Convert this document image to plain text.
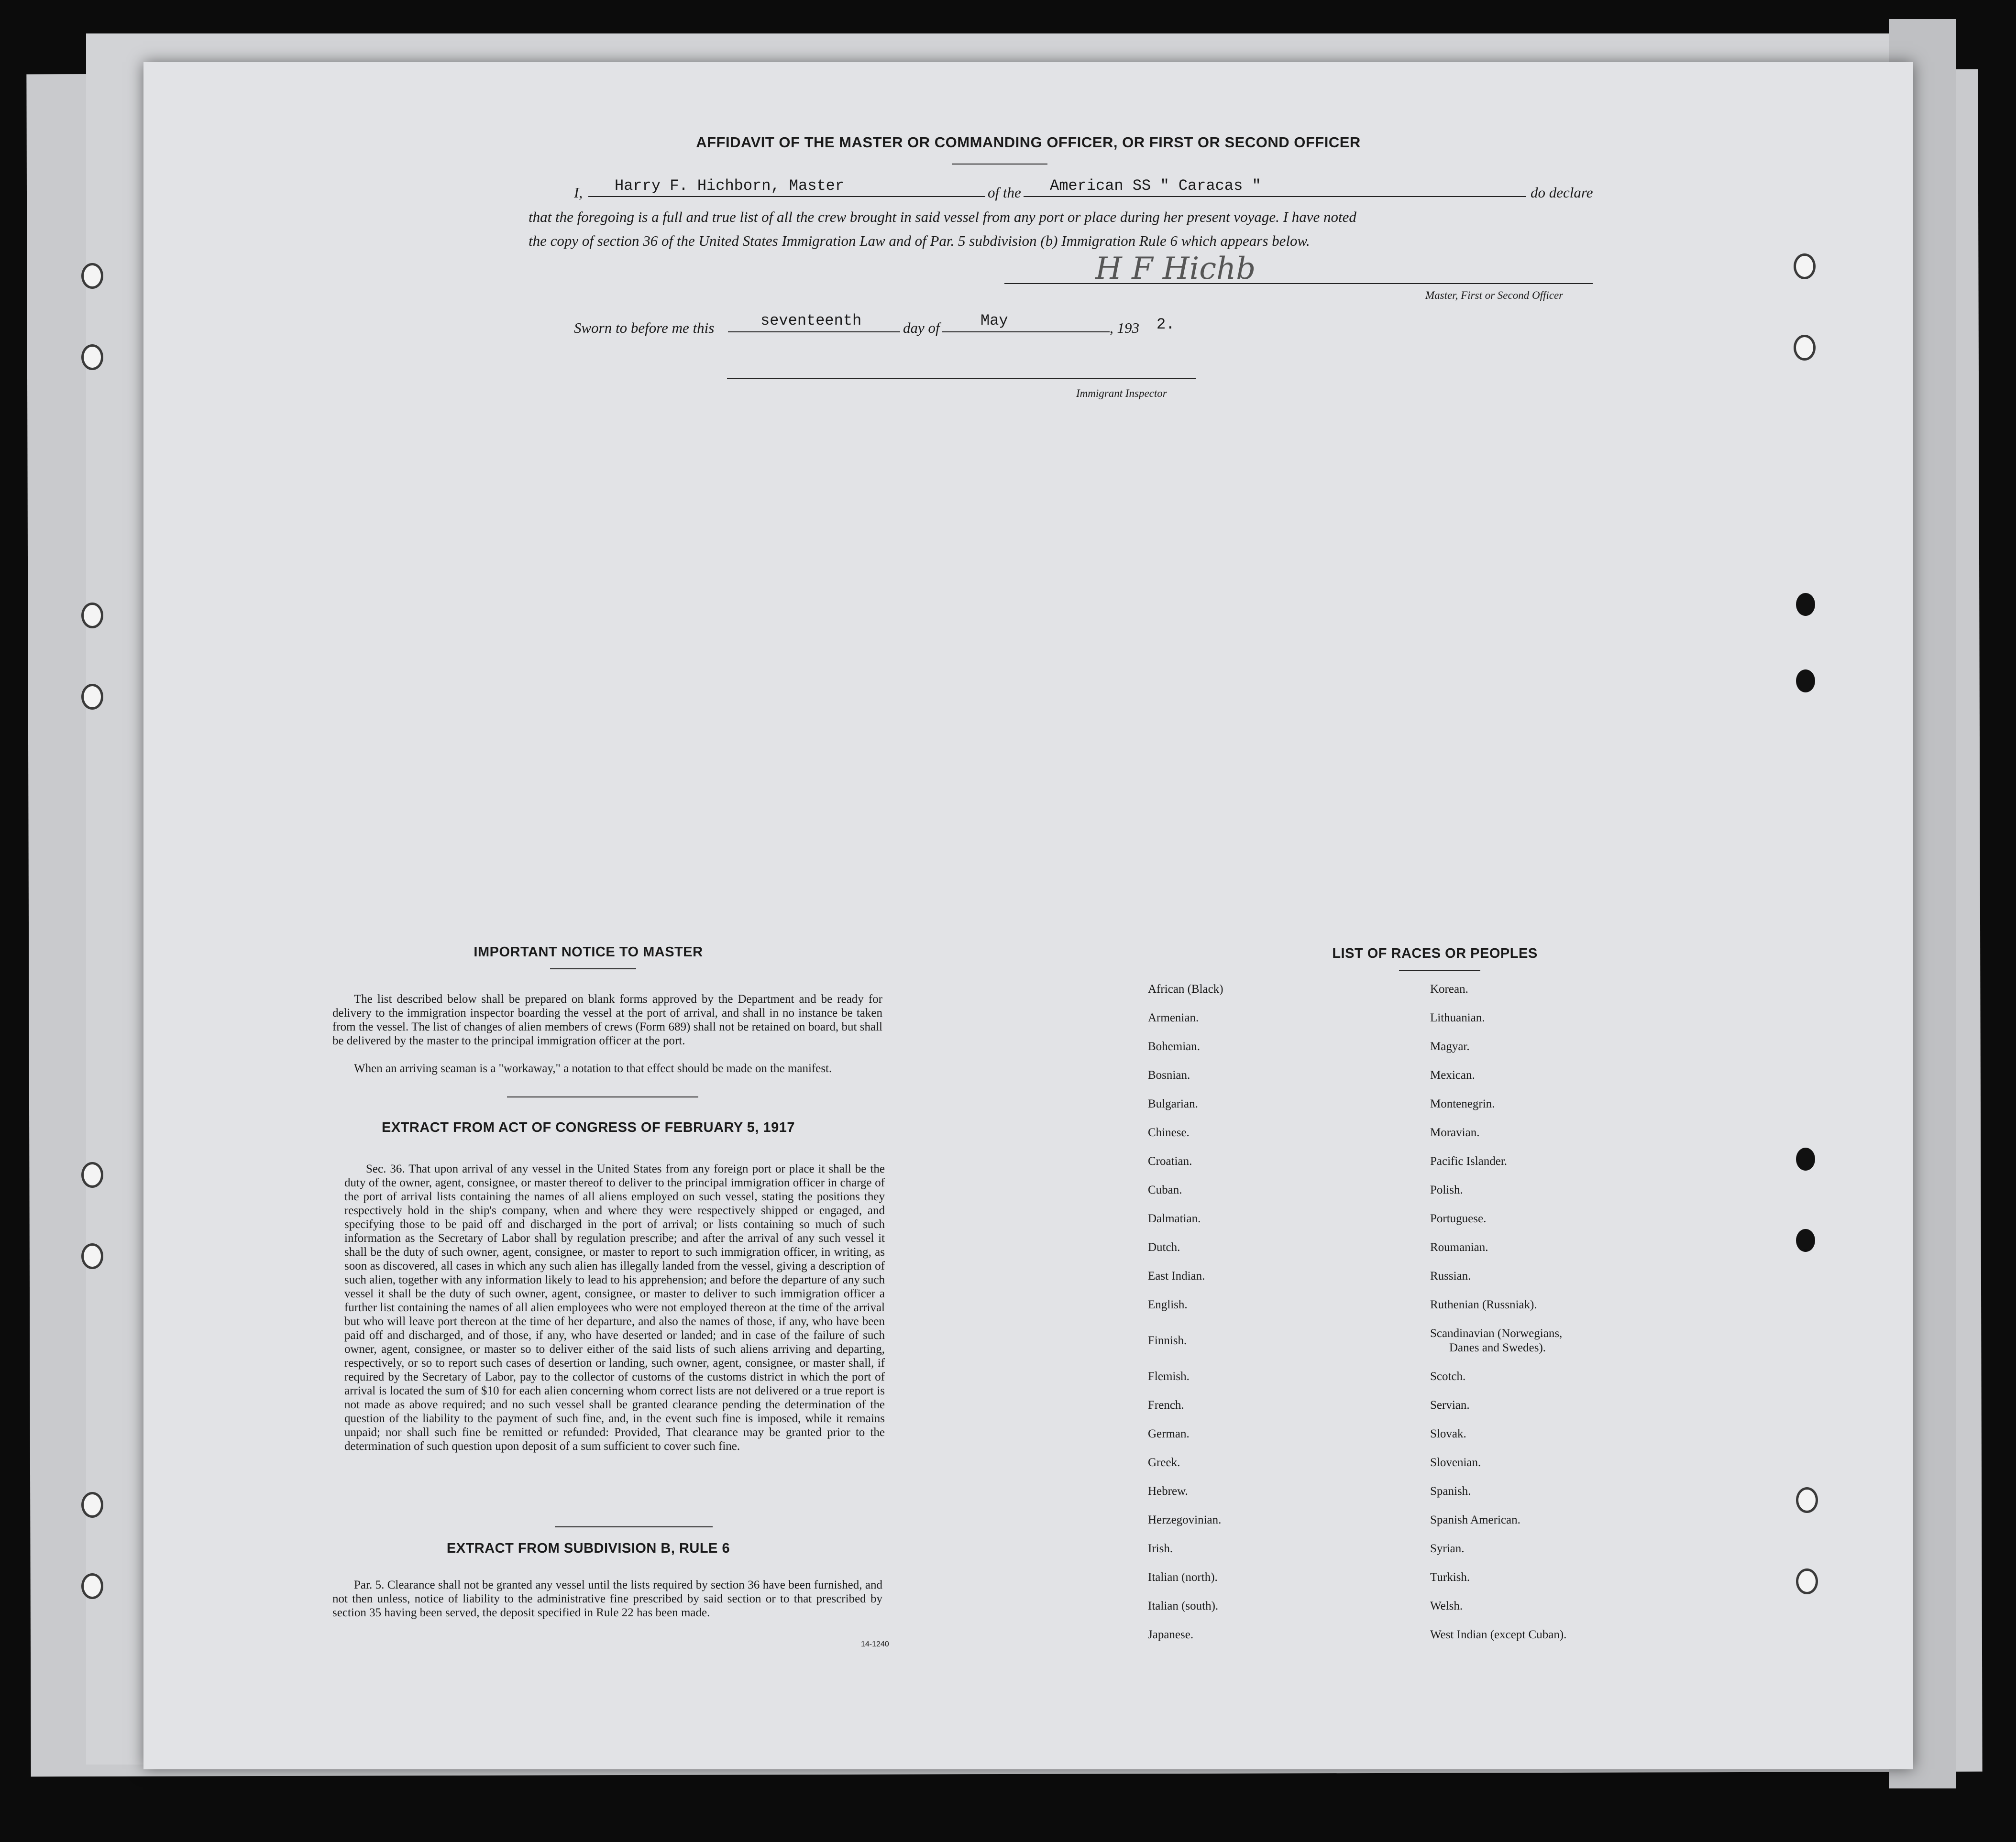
AFFIDAVIT OF THE MASTER OR COMMANDING OFFICER, OR FIRST OR SECOND OFFICER
I, Harry F. Hichborn, Master	of the American SS " Caracas "	do declare
that the foregoing is a full and true list of all the crew brought in said vessel from any port or place during her present voyage. I have noted
the copy of section 36 of the United States Immigration Law and of Par. 5 subdivision (b) Immigration Rule 6 which appears below.
H F Hichb
Master, First or Second Officer
Sworn to before me this	seventeenth	day of	May	, 193 2.
Immigrant Inspector
IMPORTANT NOTICE TO MASTER
The list described below shall be prepared on blank forms approved by the Department and be ready for delivery to the immigration inspector boarding the vessel at the port of arrival, and shall in no instance be taken from the vessel. The list of changes of alien members of crews (Form 689) shall not be retained on board, but shall be delivered by the master to the principal immigration officer at the port.
When an arriving seaman is a "workaway," a notation to that effect should be made on the manifest.
EXTRACT FROM ACT OF CONGRESS OF FEBRUARY 5, 1917
Sec. 36. That upon arrival of any vessel in the United States from any foreign port or place it shall be the duty of the owner, agent, consignee, or master thereof to deliver to the principal immigration officer in charge of the port of arrival lists containing the names of all aliens employed on such vessel, stating the positions they respectively hold in the ship's company, when and where they were respectively shipped or engaged, and specifying those to be paid off and discharged in the port of arrival; or lists containing so much of such information as the Secretary of Labor shall by regulation prescribe; and after the arrival of any such vessel it shall be the duty of such owner, agent, consignee, or master to report to such immigration officer, in writing, as soon as discovered, all cases in which any such alien has illegally landed from the vessel, giving a description of such alien, together with any information likely to lead to his apprehension; and before the departure of any such vessel it shall be the duty of such owner, agent, consignee, or master to deliver to such immigration officer a further list containing the names of all alien employees who were not employed thereon at the time of the arrival but who will leave port thereon at the time of her departure, and also the names of those, if any, who have been paid off and discharged, and of those, if any, who have deserted or landed; and in case of the failure of such owner, agent, consignee, or master so to deliver either of the said lists of such aliens arriving and departing, respectively, or so to report such cases of desertion or landing, such owner, agent, consignee, or master shall, if required by the Secretary of Labor, pay to the collector of customs of the customs district in which the port of arrival is located the sum of $10 for each alien concerning whom correct lists are not delivered or a true report is not made as above required; and no such vessel shall be granted clearance pending the determination of the question of the liability to the payment of such fine, and, in the event such fine is imposed, while it remains unpaid; nor shall such fine be remitted or refunded: Provided, That clearance may be granted prior to the determination of such question upon deposit of a sum sufficient to cover such fine.
EXTRACT FROM SUBDIVISION B, RULE 6
Par. 5. Clearance shall not be granted any vessel until the lists required by section 36 have been furnished, and not then unless, notice of liability to the administrative fine prescribed by said section or to that prescribed by section 35 having been served, the deposit specified in Rule 22 has been made.
14-1240
LIST OF RACES OR PEOPLES
African (Black)
Armenian.
Bohemian.
Bosnian.
Bulgarian.
Chinese.
Croatian.
Cuban.
Dalmatian.
Dutch.
East Indian.
English.
Finnish.
Flemish.
French.
German.
Greek.
Hebrew.
Herzegovinian.
Irish.
Italian (north).
Italian (south).
Japanese.
Korean.
Lithuanian.
Magyar.
Mexican.
Montenegrin.
Moravian.
Pacific Islander.
Polish.
Portuguese.
Roumanian.
Russian.
Ruthenian (Russniak).
Scandinavian (Norwegians,
Danes and Swedes).
Scotch.
Servian.
Slovak.
Slovenian.
Spanish.
Spanish American.
Syrian.
Turkish.
Welsh.
West Indian (except Cuban).
